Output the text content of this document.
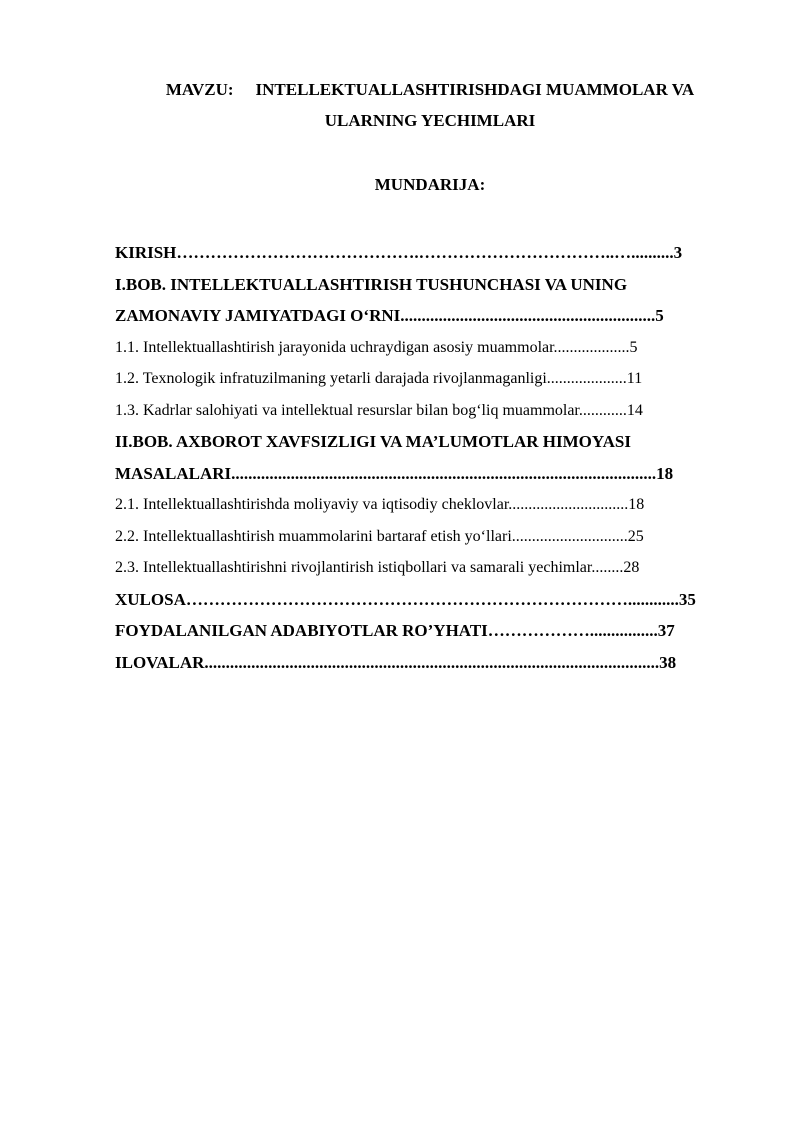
MAVZU: INTELLEKTUALLASHTIRISHDAGI MUAMMOLAR VA
ULARNING YECHIMLARI
MUNDARIJA:
KIRISH…………………………………….……………………………..…..........3
I.BOB. INTELLEKTUALLASHTIRISH TUSHUNCHASI VA UNING
ZAMONAVIY JAMIYATDAGI O‘RNI............................................................5
1.1. Intellektuallashtirish jarayonida uchraydigan asosiy muammolar...................5
1.2. Texnologik infratuzilmaning yetarli darajada rivojlanmaganligi....................11
1.3. Kadrlar salohiyati va intellektual resurslar bilan bog‘liq muammolar............14
II.BOB. AXBOROT XAVFSIZLIGI VA MA’LUMOTLAR HIMOYASI
MASALALARI....................................................................................................18
2.1. Intellektuallashtirishda moliyaviy va iqtisodiy cheklovlar..............................18
2.2. Intellektuallashtirish muammolarini bartaraf etish yo‘llari.............................25
2.3. Intellektuallashtirishni rivojlantirish istiqbollari va samarali yechimlar........28
XULOSA……………………………………………………………………............35
FOYDALANILGAN ADABIYOTLAR RO’YHATI………………................37
ILOVALAR...........................................................................................................38
